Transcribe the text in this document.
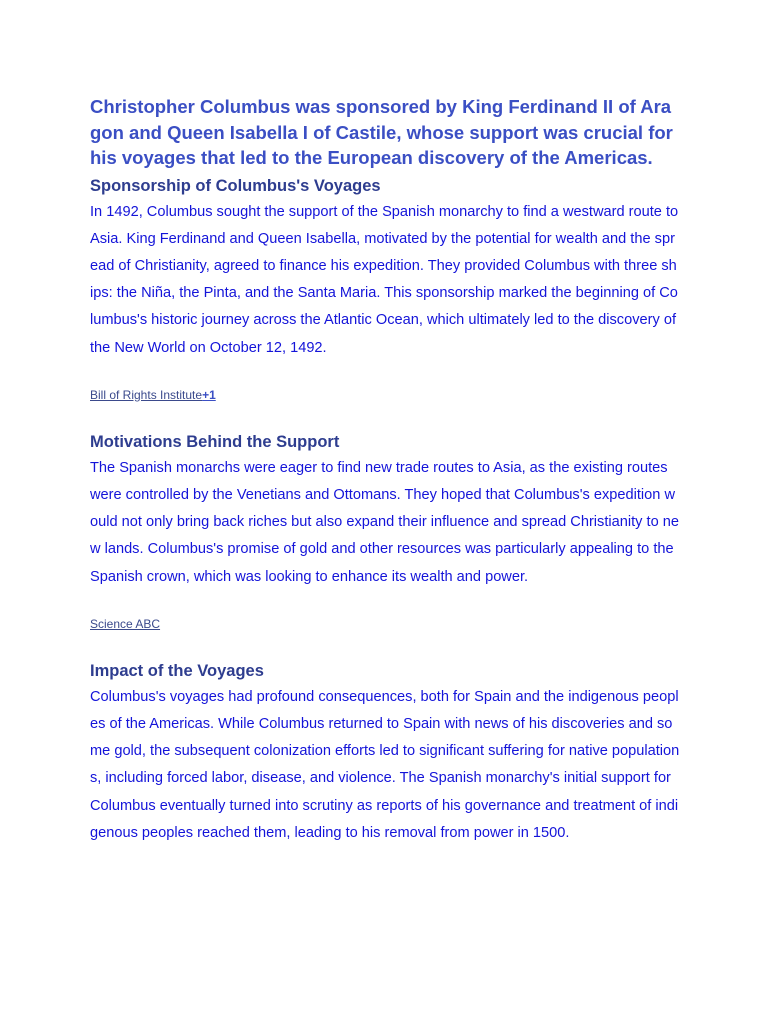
Christopher Columbus was sponsored by King Ferdinand II of Aragon and Queen Isabella I of Castile, whose support was crucial for his voyages that led to the European discovery of the Americas.
Sponsorship of Columbus's Voyages

In 1492, Columbus sought the support of the Spanish monarchy to find a westward route to Asia. King Ferdinand and Queen Isabella, motivated by the potential for wealth and the spread of Christianity, agreed to finance his expedition. They provided Columbus with three ships: the Niña, the Pinta, and the Santa Maria. This sponsorship marked the beginning of Columbus's historic journey across the Atlantic Ocean, which ultimately led to the discovery of the New World on October 12, 1492.

Bill of Rights Institute+1

Motivations Behind the Support

The Spanish monarchs were eager to find new trade routes to Asia, as the existing routes were controlled by the Venetians and Ottomans. They hoped that Columbus's expedition would not only bring back riches but also expand their influence and spread Christianity to new lands. Columbus's promise of gold and other resources was particularly appealing to the Spanish crown, which was looking to enhance its wealth and power.

Science ABC

Impact of the Voyages

Columbus's voyages had profound consequences, both for Spain and the indigenous peoples of the Americas. While Columbus returned to Spain with news of his discoveries and some gold, the subsequent colonization efforts led to significant suffering for native populations, including forced labor, disease, and violence. The Spanish monarchy's initial support for Columbus eventually turned into scrutiny as reports of his governance and treatment of indigenous peoples reached them, leading to his removal from power in 1500.
